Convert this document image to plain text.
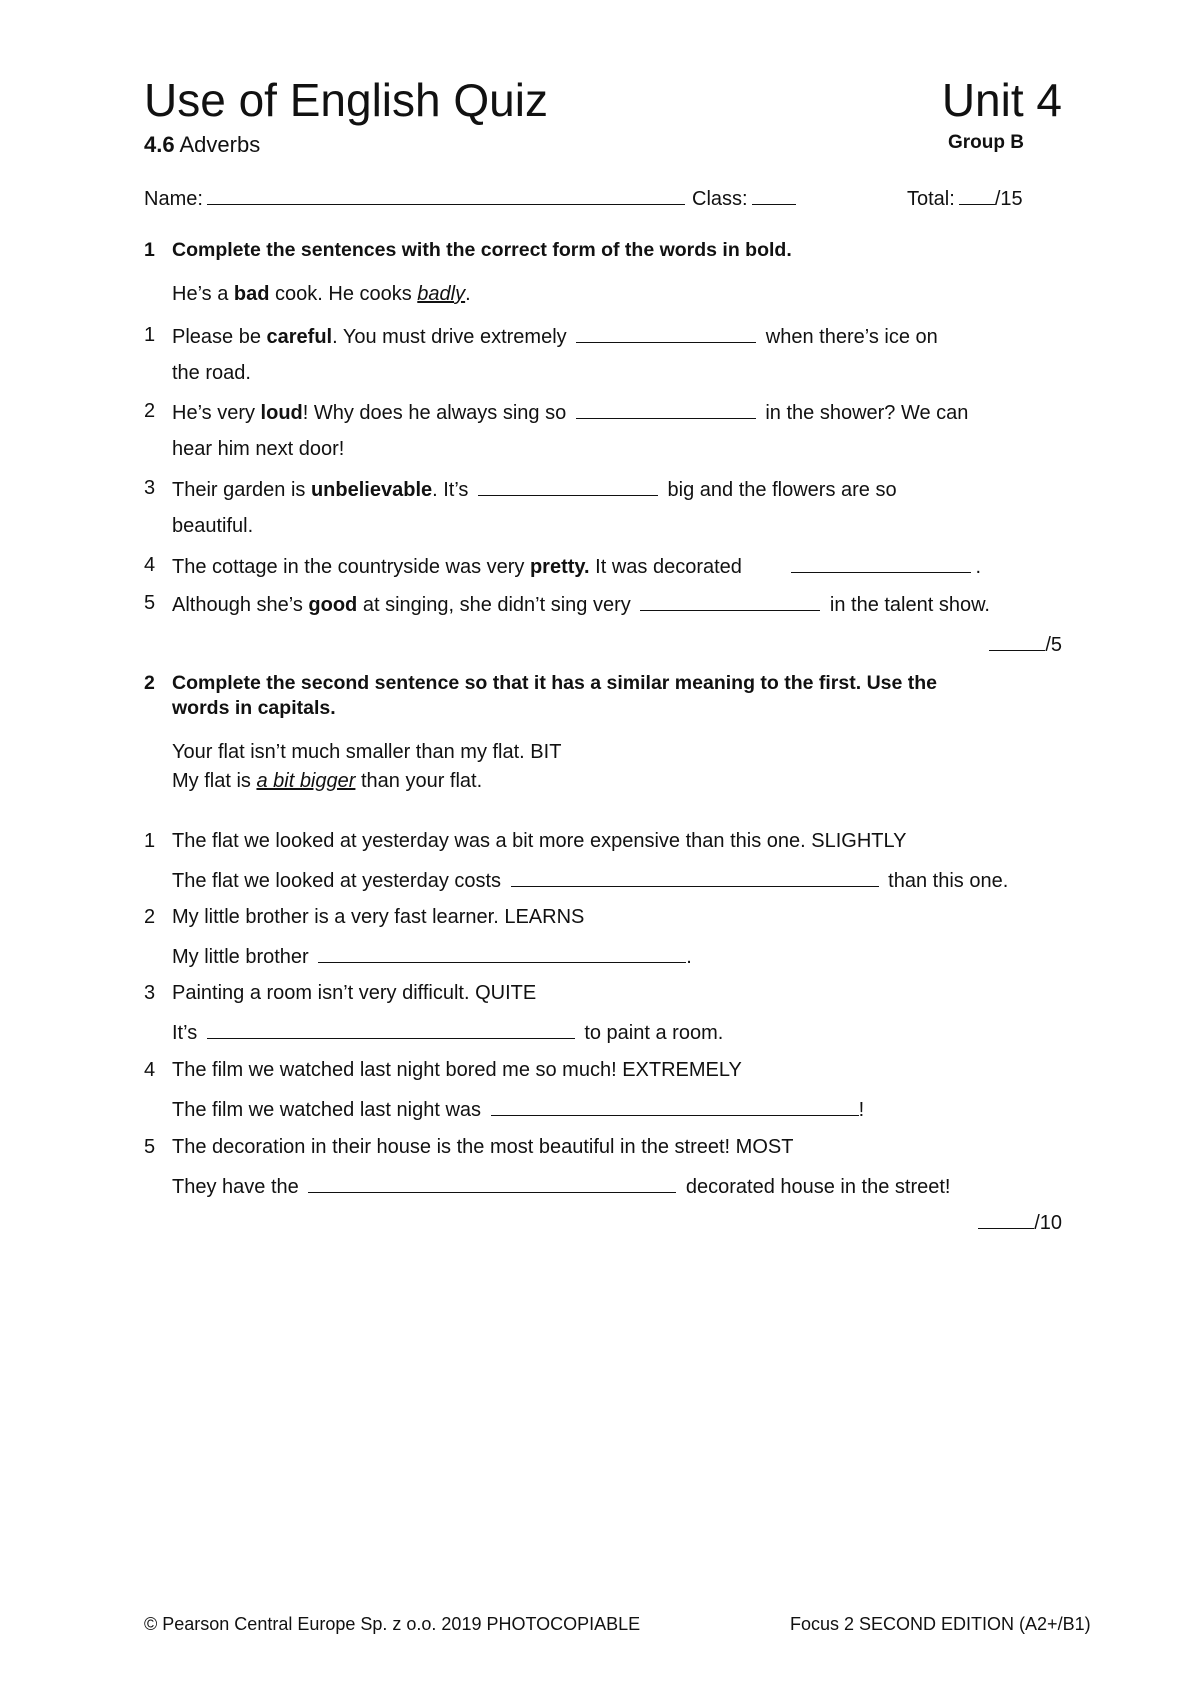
Use of English Quiz	Unit 4
4.6 Adverbs	Group B
Name:	Class:	Total: /15
1 Complete the sentences with the correct form of the words in bold.
He’s a bad cook. He cooks badly.
1 Please be careful. You must drive extremely	when there’s ice on
the road.
2 He’s very loud! Why does he always sing so	in the shower? We can
hear him next door!
3 Their garden is unbelievable. It’s	big and the flowers are so
beautiful.
4 The cottage in the countryside was very pretty. It was decorated	.
5 Although she’s good at singing, she didn’t sing very	in the talent show.
/5
2 Complete the second sentence so that it has a similar meaning to the first. Use the
words in capitals.
Your flat isn’t much smaller than my flat. BIT
My flat is a bit bigger than your flat.
1 The flat we looked at yesterday was a bit more expensive than this one. SLIGHTLY
The flat we looked at yesterday costs	than this one.
2 My little brother is a very fast learner. LEARNS
My little brother	.
3 Painting a room isn’t very difficult. QUITE
It’s	to paint a room.
4 The film we watched last night bored me so much! EXTREMELY
The film we watched last night was	!
5 The decoration in their house is the most beautiful in the street! MOST
They have the	decorated house in the street!
/10
© Pearson Central Europe Sp. z o.o. 2019 PHOTOCOPIABLE	Focus 2 SECOND EDITION (A2+/B1)
